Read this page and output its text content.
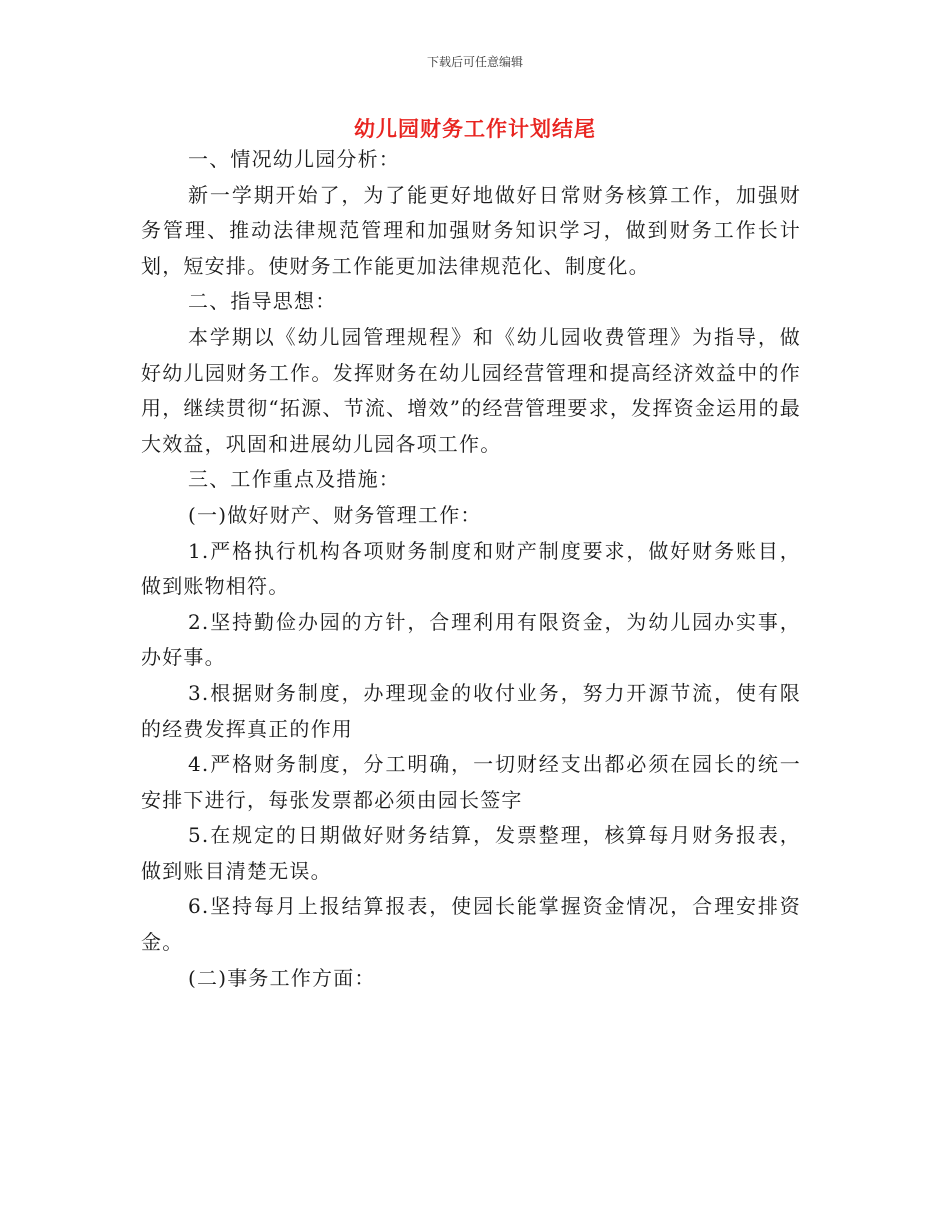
下载后可任意编辑
幼儿园财务工作计划结尾

一、情况幼儿园分析：

新一学期开始了，为了能更好地做好日常财务核算工作，加强财务管理、推动法律规范管理和加强财务知识学习，做到财务工作长计划，短安排。使财务工作能更加法律规范化、制度化。

二、指导思想：

本学期以《幼儿园管理规程》和《幼儿园收费管理》为指导，做好幼儿园财务工作。发挥财务在幼儿园经营管理和提高经济效益中的作用，继续贯彻“拓源、节流、增效”的经营管理要求，发挥资金运用的最大效益，巩固和进展幼儿园各项工作。

三、工作重点及措施：

(一)做好财产、财务管理工作：

1.严格执行机构各项财务制度和财产制度要求，做好财务账目，做到账物相符。

2.坚持勤俭办园的方针，合理利用有限资金，为幼儿园办实事，办好事。

3.根据财务制度，办理现金的收付业务，努力开源节流，使有限的经费发挥真正的作用

4.严格财务制度，分工明确，一切财经支出都必须在园长的统一安排下进行，每张发票都必须由园长签字

5.在规定的日期做好财务结算，发票整理，核算每月财务报表，做到账目清楚无误。

6.坚持每月上报结算报表，使园长能掌握资金情况，合理安排资金。

(二)事务工作方面：
